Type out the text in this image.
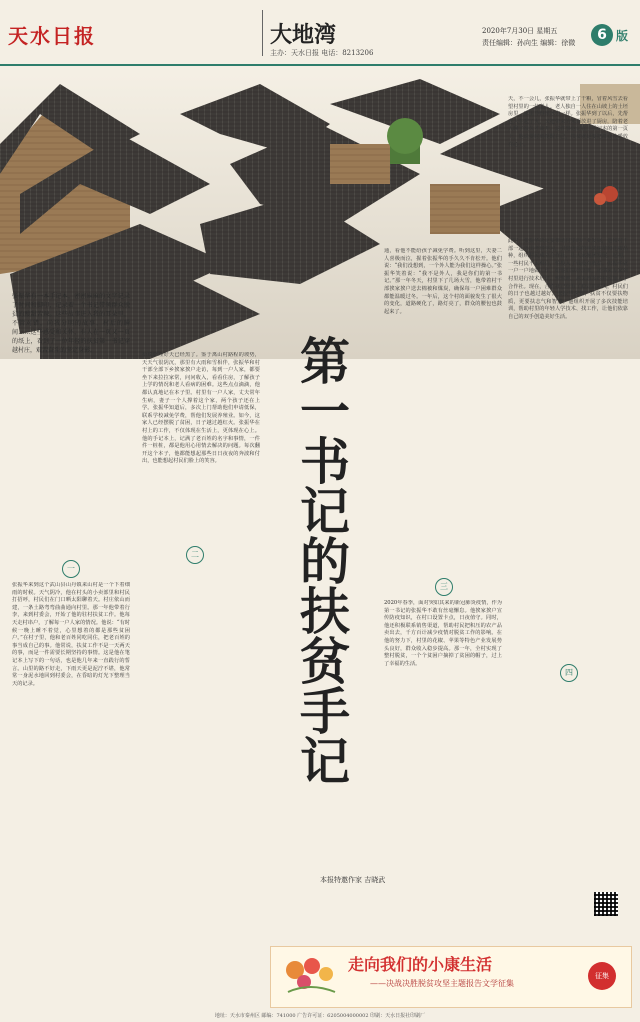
天水日报	大地湾
主办：天水日报 电话：8213206
2020年7月30日 星期五
责任编辑：孙向生 编辑：徐微	6 版
张振华有一本手记本，密密麻麻的文字记录了时间和脚印，记录着一个书记带领群众脱贫的酸甜苦辣。这些故事进入我的耳朵里，不管对错，尚我分明的故事，村后的瞬间……这些感受和关怀，有人在一页又一页的纸上，看到了一位年轻的扶贫第一书记穿越村庄，艰苦奋斗的坚定身影。
一
张振华来到这个武山县山丹镇来山村是一个下着细雨的时候。天气阴冷，他在村头的小卖部里和村民打招呼，村民们在门口晒太阳聊着天。村庄依山而建，一条土路弯弯曲曲通向村里。那一年他带着行李，来到村委会，开始了他的驻村扶贫工作。他每天走村串户，了解每一户人家的情况。他说：“有时候一晚上睡不着觉，心里想着的都是那些贫困户。”在村子里，他和老百姓同吃同住，把老百姓的事当成自己的事。他常说，扶贫工作不是一天两天的事，而是一件需要长期坚持的事情。这是他在笔记本上写下的一句话，也是他几年来一直践行的誓言。山里的路不好走，下雨天更是泥泞不堪，他常常一身泥水地回到村委会，在昏暗的灯光下整理当天的记录。
拾掇修理好天已经黑了。鉴于离山村路程的坡势，天天气很阴沉，那里有大雨和雪相伴，张振华和村干部全部下乡挨家挨户走访，每到一户人家，都要坐下来拉拉家常，问问收入，看看住房，了解孩子上学的情况和老人看病的困难。这些点点滴滴，他都认真地记在本子里。村里有一户人家，丈夫常年生病，妻子一个人撑着这个家，两个孩子还在上学。张振华知道后，多次上门帮助他们申请低保，联系学校减免学费，帮他们发展养殖业。如今，这家人已经摆脱了贫困，日子越过越红火。张振华在村上的工作，不仅体现在生活上，更体现在心上。他的手记本上，记满了老百姓的名字和事情，一件件一桩桩，都是他用心用情去解决的问题。每次翻开这个本子，他都能想起那些日日夜夜的奔波和付出，也能想起村民们脸上的笑容。
二 第一书记的扶贫手记
本报特邀作家 吉晓武
通，看他不能给孩子减免学费。听到这里，夫妻二人喜极而泣，握着张振华的手久久不肯松开。他们说：“我们没想到，一个外人能为我们这样操心。”张振华笑着说：“我不是外人，我是你们的第一书记。”那一年冬天，村里下了几场大雪，他带着村干部挨家挨户送去棉被和煤炭，确保每一户困难群众都能温暖过冬。一年后，这个村的面貌发生了很大的变化，道路硬化了，路灯亮了，群众的腰包也鼓起来了。
三
2020年春季，面对突如其来的新冠肺炎疫情，作为第一书记的张振华不敢有丝毫懈怠。他挨家挨户宣传防疫知识，在村口设置卡点，日夜值守。同时，他还积极联系销售渠道，帮助村民把积压的农产品卖出去，千方百计减少疫情对脱贫工作的影响。在他的努力下，村里的花椒、苹果等特色产业发展势头良好，群众收入稳步提高。那一年，全村实现了整村脱贫，一个个贫困户摘掉了贫困的帽子，过上了幸福的生活。
天，不一会儿，张振华就带上了干粮，冒着风雪去看望村里的一位老人。老人独自一人住在山坡上的土坯房里，家里冷得像冰窖一样。张振华到了以后，先帮老人生起了火，又把带来的米面放进了厨房，陪着老人聊了很久才离开。这件事他记在了手记本的第一页上，他说要时刻提醒自己，扶贫就是要把群众冷暖放在心上。
此时，张振华决定要带动村里的产业发展，他和村干部一起外出考察学习，引进优质的苹果树苗和花椒品种，组织村民成立合作社，让大家抱团发展。起初，一些村民不太相信，怕投入了钱没有收益。张振华就一户一户地做工作，给他们算经济账，还请来专家到村里进行技术培训。慢慢地，越来越多的村民加入了合作社。现在，合作社已经有了稳定的收入，村民们的日子也越过越好。张振华深知，扶贫不仅要扶物质，更要扶志气和智慧。他组织开展了多次技能培训，帮助村里的年轻人学技术、找工作，让他们依靠自己的双手创造美好生活。
四
走向我们的小康生活
——决战决胜脱贫攻坚主题报告文学征集
征集
地址：天水市秦州区 邮编：741000 广告许可证：6205004000002 印刷：天水日报社印刷厂
